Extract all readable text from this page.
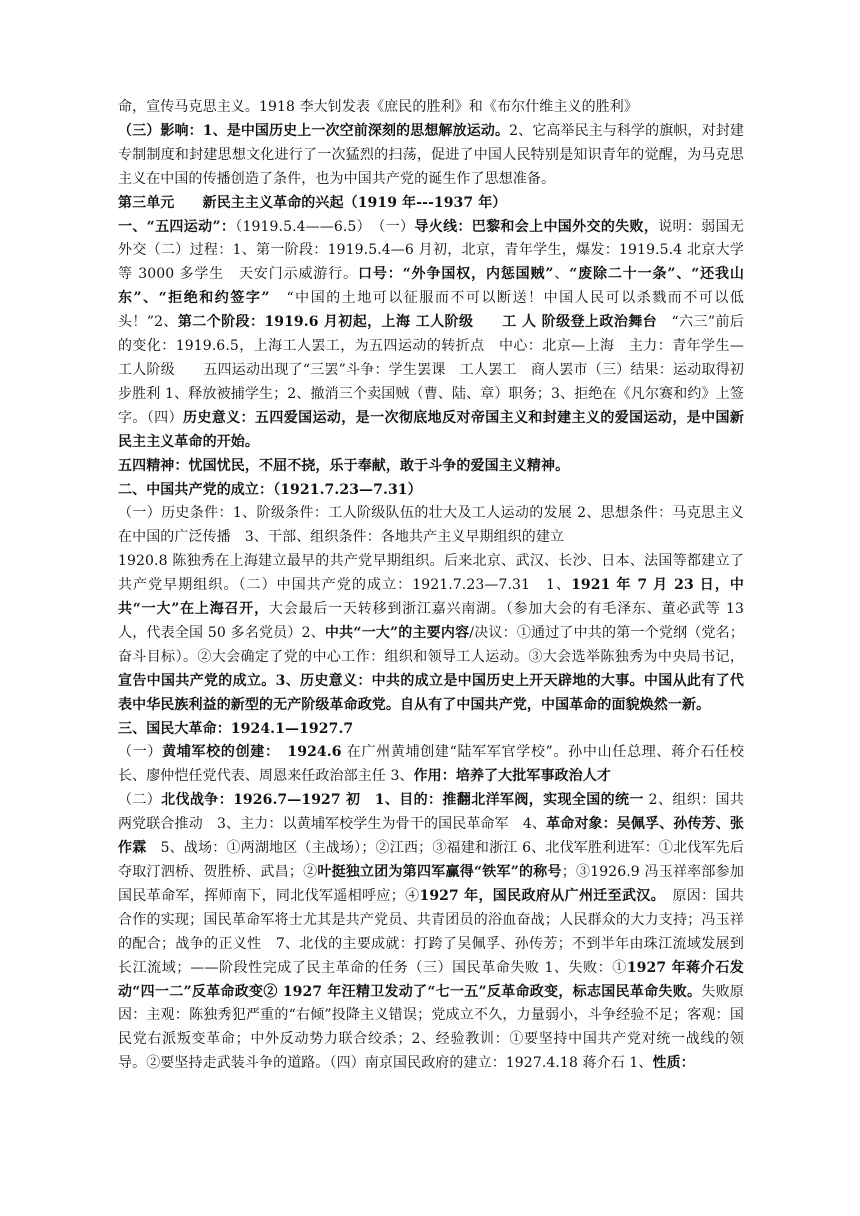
命，宣传马克思主义。1918 李大钊发表《庶民的胜利》和《布尔什维主义的胜利》

（三）影响：1、是中国历史上一次空前深刻的思想解放运动。2、它高举民主与科学的旗帜，对封建专制制度和封建思想文化进行了一次猛烈的扫荡，促进了中国人民特别是知识青年的觉醒，为马克思主义在中国的传播创造了条件，也为中国共产党的诞生作了思想准备。

第三单元　　新民主主义革命的兴起（1919 年---1937 年）

一、“五四运动”：（1919.5.4——6.5）　（一）导火线：巴黎和会上中国外交的失败，说明：弱国无外交（二）过程：1、第一阶段：1919.5.4—6 月初，北京，青年学生，爆发：1919.5.4 北京大学等 3000 多学生　天安门示威游行。口号：“外争国权，内惩国贼”、“废除二十一条”、“还我山东”、“拒绝和约签字”　“中国的土地可以征服而不可以断送！中国人民可以杀戮而不可以低头！”2、第二个阶段：1919.6 月初起，上海 工人阶级　　工 人 阶级登上政治舞台　“六三”前后的变化：1919.6.5，上海工人罢工，为五四运动的转折点　中心：北京—上海　主力：青年学生—工人阶级　　五四运动出现了“三罢”斗争：学生罢课　工人罢工　商人罢市（三）结果：运动取得初步胜利 1、释放被捕学生；2、撤消三个卖国贼（曹、陆、章）职务；3、拒绝在《凡尔赛和约》上签字。（四）历史意义：五四爱国运动，是一次彻底地反对帝国主义和封建主义的爱国运动，是中国新民主主义革命的开始。

五四精神：忧国忧民，不屈不挠，乐于奉献，敢于斗争的爱国主义精神。

二、中国共产党的成立：（1921.7.23—7.31）

（一）历史条件：1、阶级条件：工人阶级队伍的壮大及工人运动的发展 2、思想条件：马克思主义在中国的广泛传播　3、干部、组织条件：各地共产主义早期组织的建立

1920.8 陈独秀在上海建立最早的共产党早期组织。后来北京、武汉、长沙、日本、法国等都建立了共产党早期组织。（二）中国共产党的成立：1921.7.23—7.31　1、1921 年 7 月 23 日，中共“一大”在上海召开，大会最后一天转移到浙江嘉兴南湖。（参加大会的有毛泽东、董必武等 13 人，代表全国 50 多名党员）2、中共“一大”的主要内容/决议：①通过了中共的第一个党纲（党名；奋斗目标）。②大会确定了党的中心工作：组织和领导工人运动。③大会选举陈独秀为中央局书记，宣告中国共产党的成立。3、历史意义：中共的成立是中国历史上开天辟地的大事。中国从此有了代表中华民族利益的新型的无产阶级革命政党。自从有了中国共产党，中国革命的面貌焕然一新。

三、国民大革命：1924.1—1927.7

（一）黄埔军校的创建：　1924.6 在广州黄埔创建“陆军军官学校”。孙中山任总理、蒋介石任校长、廖仲恺任党代表、周恩来任政治部主任 3、作用：培养了大批军事政治人才

（二）北伐战争：1926.7—1927 初　1、目的：推翻北洋军阀，实现全国的统一 2、组织：国共两党联合推动　3、主力：以黄埔军校学生为骨干的国民革命军　4、革命对象：吴佩孚、孙传芳、张作霖　5、战场：①两湖地区（主战场）；②江西；③福建和浙江 6、北伐军胜利进军：①北伐军先后夺取汀泗桥、贺胜桥、武昌；②叶挺独立团为第四军赢得“铁军”的称号；③1926.9 冯玉祥率部参加国民革命军，挥师南下，同北伐军遥相呼应；④1927 年，国民政府从广州迁至武汉。　原因：国共合作的实现；国民革命军将士尤其是共产党员、共青团员的浴血奋战；人民群众的大力支持；冯玉祥的配合；战争的正义性　7、北伐的主要成就：打跨了吴佩孚、孙传芳；不到半年由珠江流域发展到长江流域；——阶段性完成了民主革命的任务（三）国民革命失败 1、失败：①1927 年蒋介石发动“四一二”反革命政变② 1927 年汪精卫发动了“七一五”反革命政变，标志国民革命失败。失败原因：主观：陈独秀犯严重的“右倾”投降主义错误；党成立不久，力量弱小，斗争经验不足；客观：国民党右派叛变革命；中外反动势力联合绞杀；2、经验教训：①要坚持中国共产党对统一战线的领导。②要坚持走武装斗争的道路。（四）南京国民政府的建立：1927.4.18 蒋介石 1、性质：
